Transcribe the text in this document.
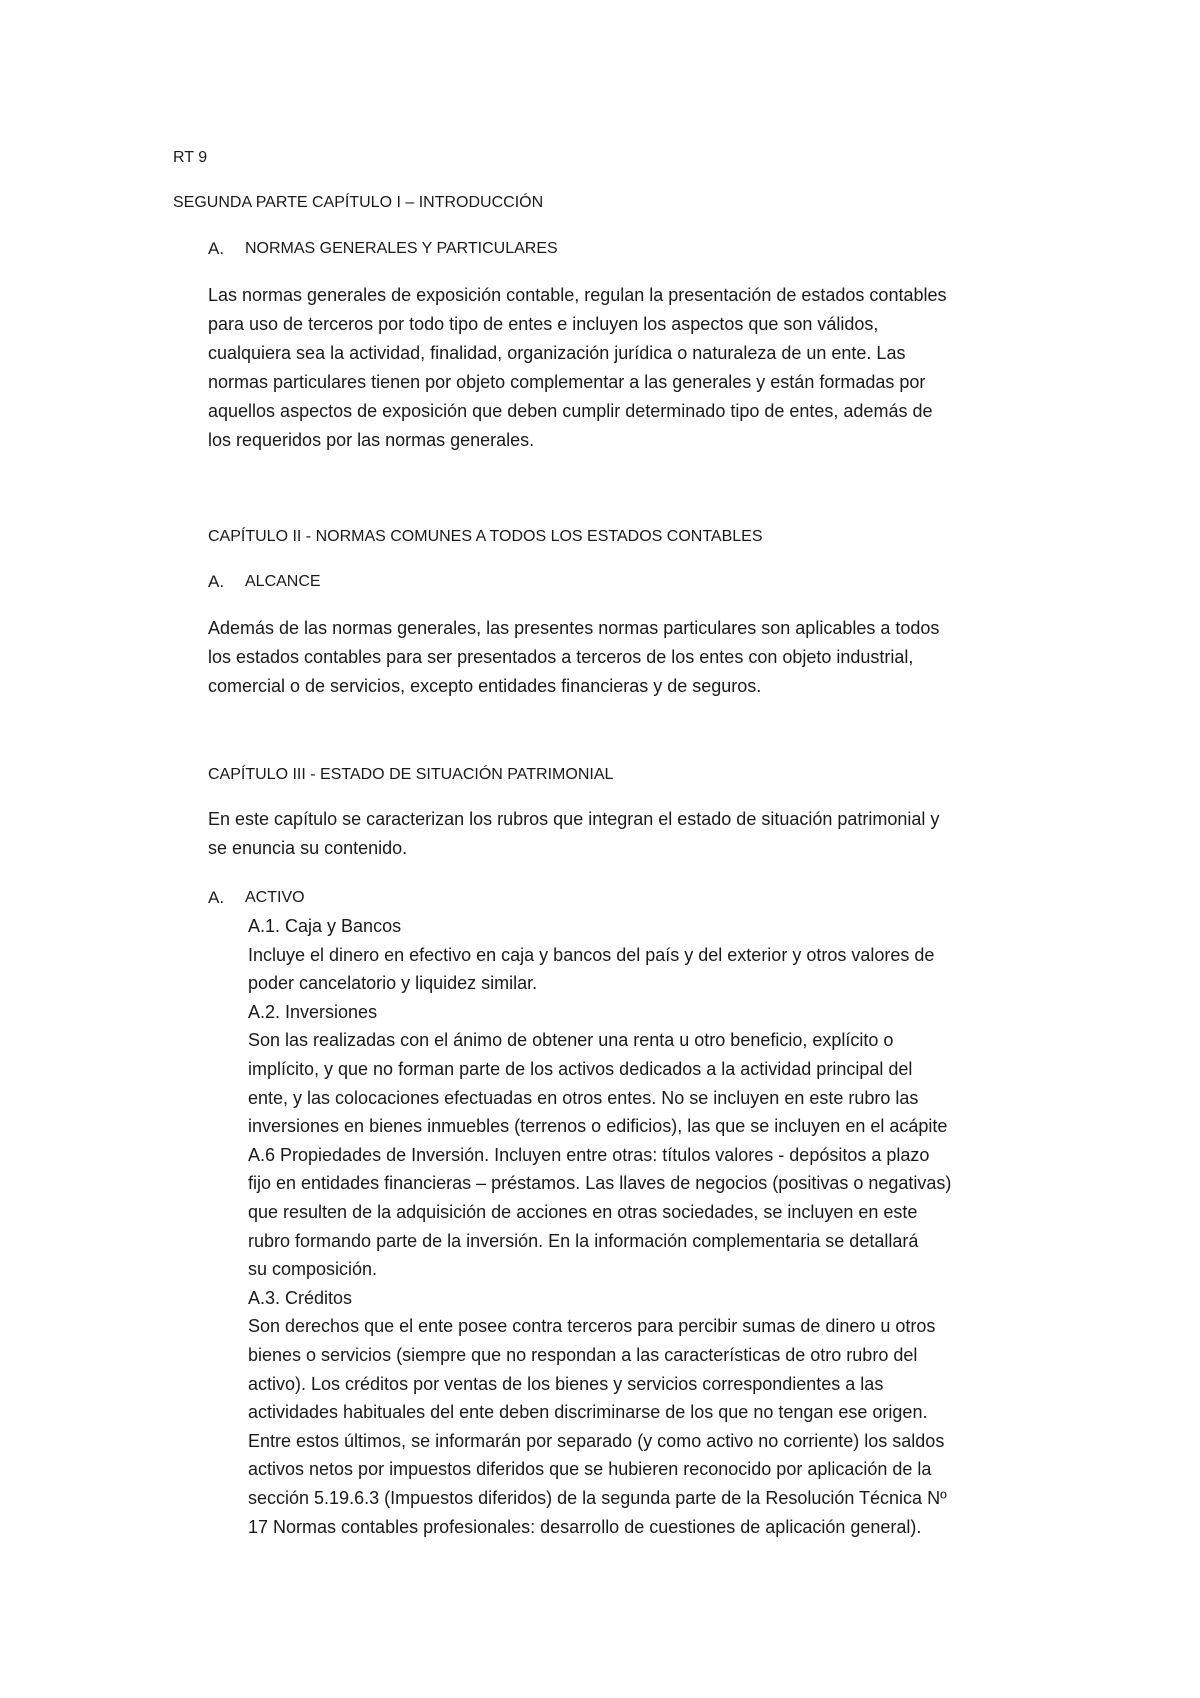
RT 9
SEGUNDA PARTE CAPÍTULO I – INTRODUCCIÓN
A. NORMAS GENERALES Y PARTICULARES
Las normas generales de exposición contable, regulan la presentación de estados contables
para uso de terceros por todo tipo de entes e incluyen los aspectos que son válidos,
cualquiera sea la actividad, finalidad, organización jurídica o naturaleza de un ente. Las
normas particulares tienen por objeto complementar a las generales y están formadas por
aquellos aspectos de exposición que deben cumplir determinado tipo de entes, además de
los requeridos por las normas generales.
CAPÍTULO II - NORMAS COMUNES A TODOS LOS ESTADOS CONTABLES
A. ALCANCE
Además de las normas generales, las presentes normas particulares son aplicables a todos
los estados contables para ser presentados a terceros de los entes con objeto industrial,
comercial o de servicios, excepto entidades financieras y de seguros.
CAPÍTULO III - ESTADO DE SITUACIÓN PATRIMONIAL
En este capítulo se caracterizan los rubros que integran el estado de situación patrimonial y
se enuncia su contenido.
A. ACTIVO
A.1. Caja y Bancos
Incluye el dinero en efectivo en caja y bancos del país y del exterior y otros valores de
poder cancelatorio y liquidez similar.
A.2. Inversiones
Son las realizadas con el ánimo de obtener una renta u otro beneficio, explícito o
implícito, y que no forman parte de los activos dedicados a la actividad principal del
ente, y las colocaciones efectuadas en otros entes. No se incluyen en este rubro las
inversiones en bienes inmuebles (terrenos o edificios), las que se incluyen en el acápite
A.6 Propiedades de Inversión. Incluyen entre otras: títulos valores - depósitos a plazo
fijo en entidades financieras – préstamos. Las llaves de negocios (positivas o negativas)
que resulten de la adquisición de acciones en otras sociedades, se incluyen en este
rubro formando parte de la inversión. En la información complementaria se detallará
su composición.
A.3. Créditos
Son derechos que el ente posee contra terceros para percibir sumas de dinero u otros
bienes o servicios (siempre que no respondan a las características de otro rubro del
activo). Los créditos por ventas de los bienes y servicios correspondientes a las
actividades habituales del ente deben discriminarse de los que no tengan ese origen.
Entre estos últimos, se informarán por separado (y como activo no corriente) los saldos
activos netos por impuestos diferidos que se hubieren reconocido por aplicación de la
sección 5.19.6.3 (Impuestos diferidos) de la segunda parte de la Resolución Técnica Nº
17 Normas contables profesionales: desarrollo de cuestiones de aplicación general).
